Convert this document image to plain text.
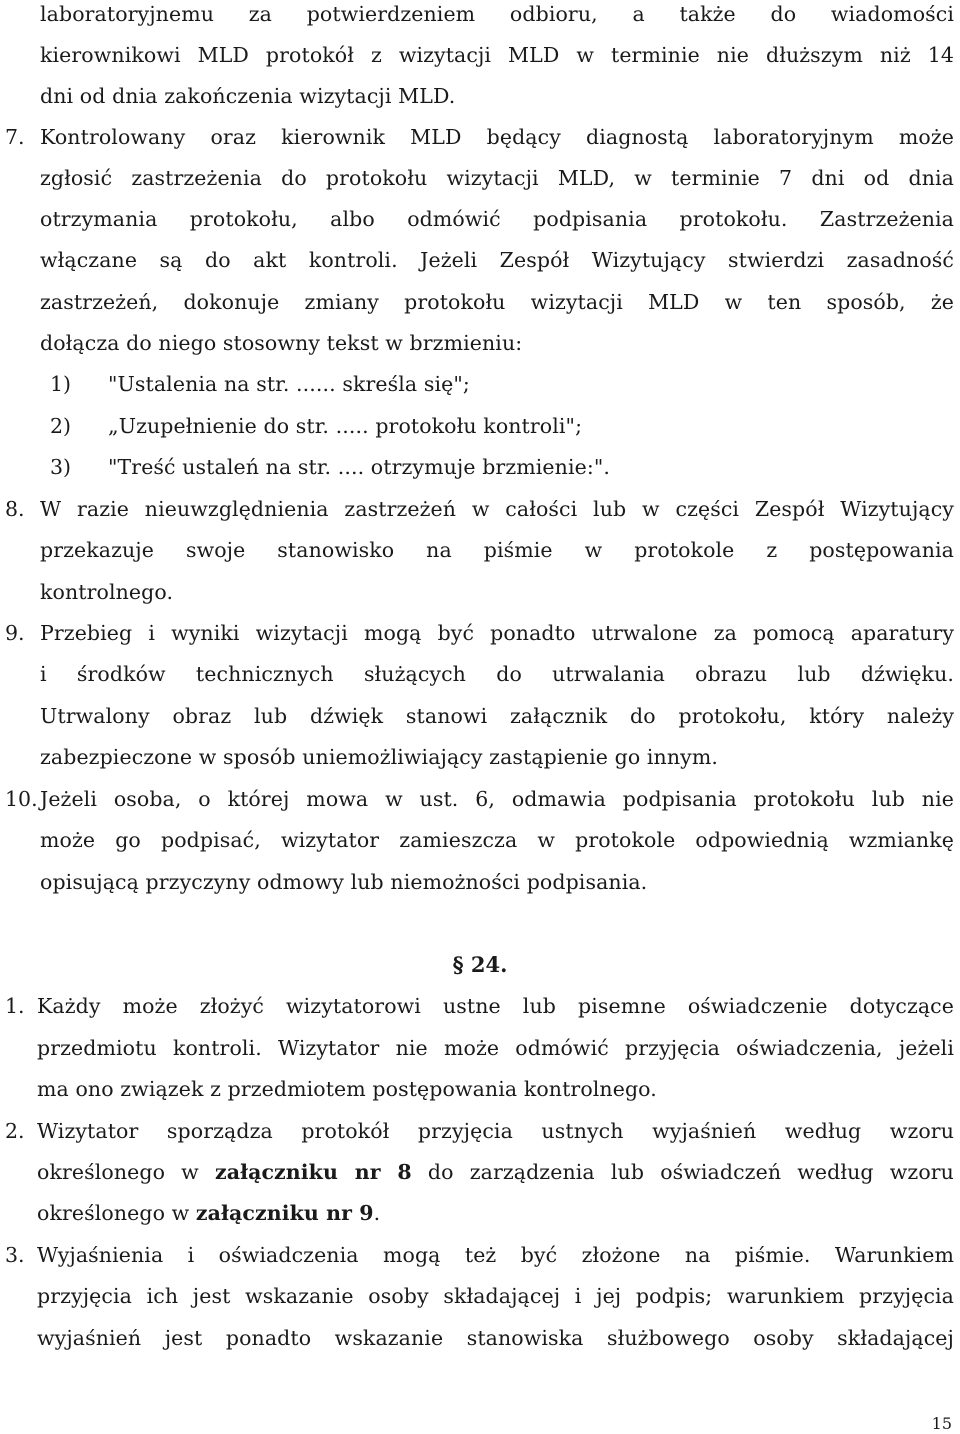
laboratoryjnemu za potwierdzeniem odbioru, a także do wiadomości
kierownikowi MLD protokół z wizytacji MLD w terminie nie dłuższym niż 14
dni od dnia zakończenia wizytacji MLD.
7. Kontrolowany oraz kierownik MLD będący diagnostą laboratoryjnym może
zgłosić zastrzeżenia do protokołu wizytacji MLD, w terminie 7 dni od dnia
otrzymania protokołu, albo odmówić podpisania protokołu. Zastrzeżenia
włączane są do akt kontroli. Jeżeli Zespół Wizytujący stwierdzi zasadność
zastrzeżeń, dokonuje zmiany protokołu wizytacji MLD w ten sposób, że
dołącza do niego stosowny tekst w brzmieniu:
1) "Ustalenia na str. ...... skreśla się";
2) „Uzupełnienie do str. ..... protokołu kontroli";
3) "Treść ustaleń na str. .... otrzymuje brzmienie:".
8. W razie nieuwzględnienia zastrzeżeń w całości lub w części Zespół Wizytujący
przekazuje swoje stanowisko na piśmie w protokole z postępowania
kontrolnego.
9. Przebieg i wyniki wizytacji mogą być ponadto utrwalone za pomocą aparatury
i środków technicznych służących do utrwalania obrazu lub dźwięku.
Utrwalony obraz lub dźwięk stanowi załącznik do protokołu, który należy
zabezpieczone w sposób uniemożliwiający zastąpienie go innym.
10. Jeżeli osoba, o której mowa w ust. 6, odmawia podpisania protokołu lub nie
może go podpisać, wizytator zamieszcza w protokole odpowiednią wzmiankę
opisującą przyczyny odmowy lub niemożności podpisania.
§ 24.
1. Każdy może złożyć wizytatorowi ustne lub pisemne oświadczenie dotyczące
przedmiotu kontroli. Wizytator nie może odmówić przyjęcia oświadczenia, jeżeli
ma ono związek z przedmiotem postępowania kontrolnego.
2. Wizytator sporządza protokół przyjęcia ustnych wyjaśnień według wzoru
określonego w załączniku nr 8 do zarządzenia lub oświadczeń według wzoru
określonego w załączniku nr 9.
3. Wyjaśnienia i oświadczenia mogą też być złożone na piśmie. Warunkiem
przyjęcia ich jest wskazanie osoby składającej i jej podpis; warunkiem przyjęcia
wyjaśnień jest ponadto wskazanie stanowiska służbowego osoby składającej
15
